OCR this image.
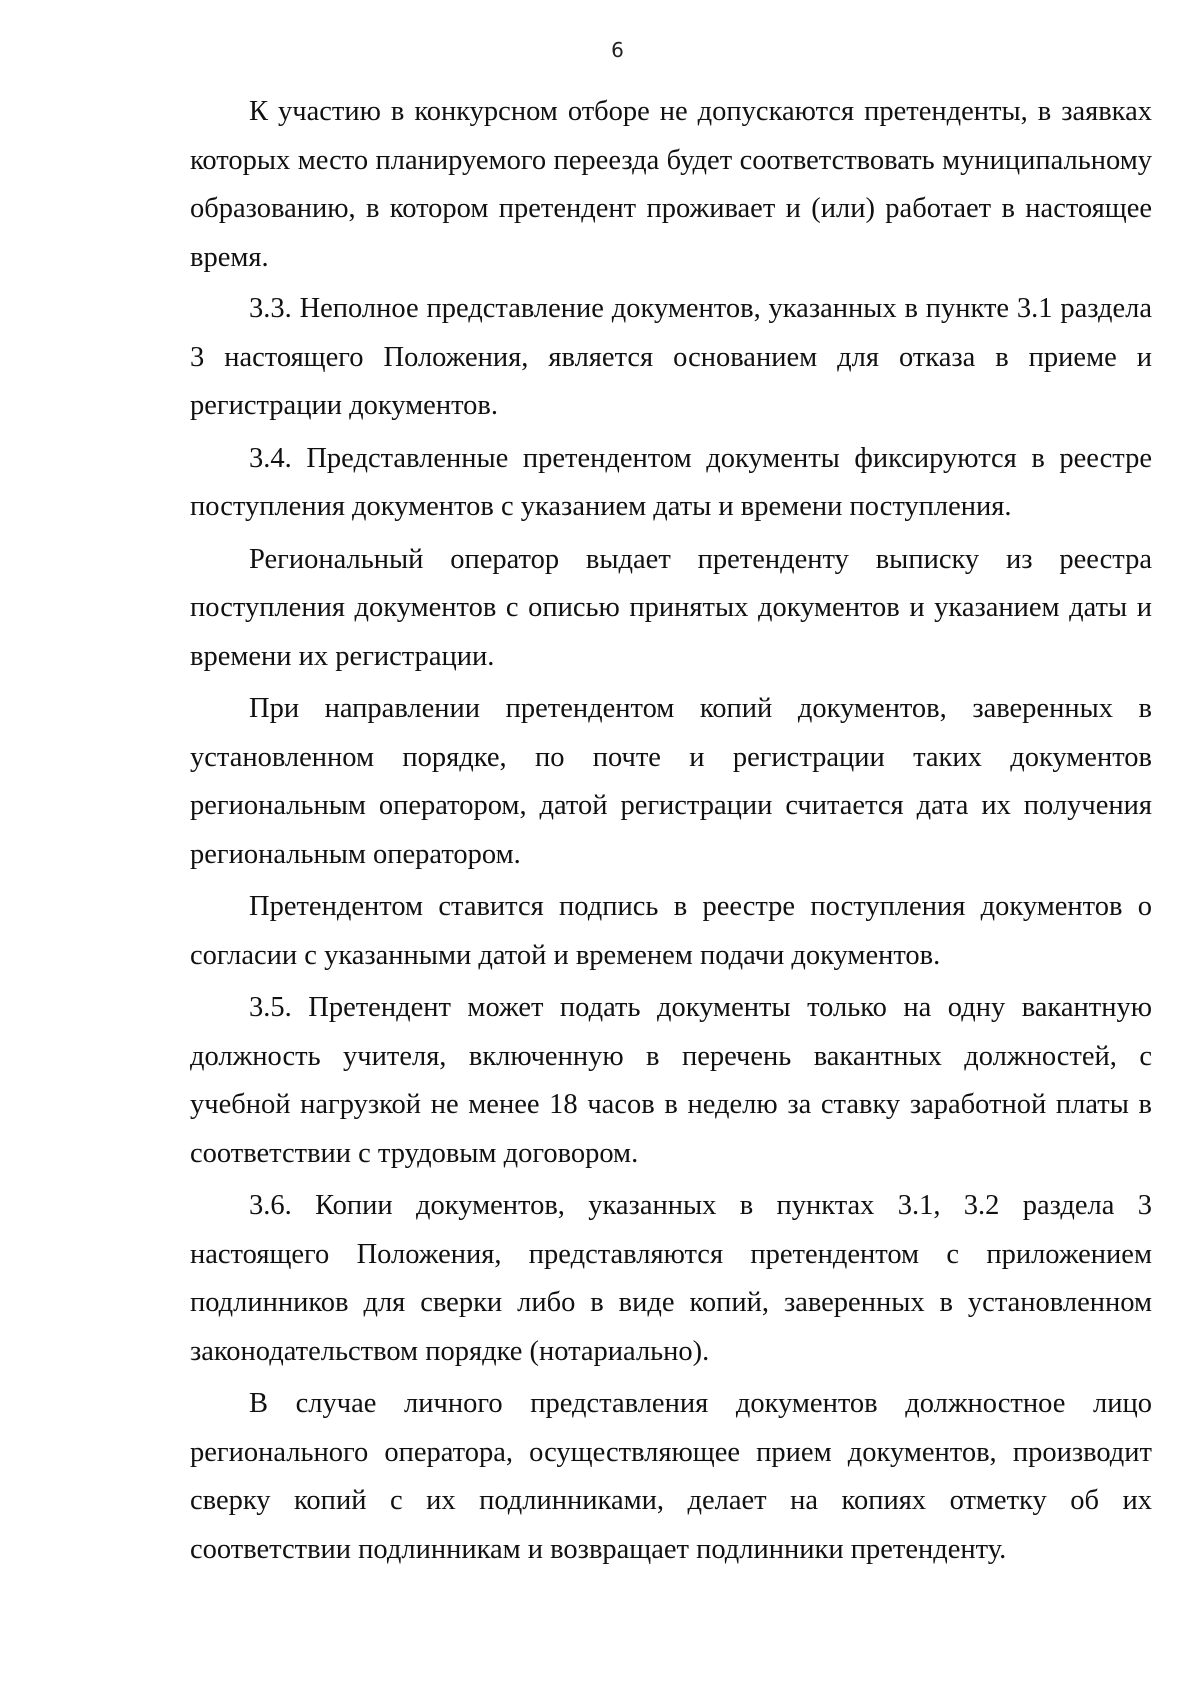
6

К участию в конкурсном отборе не допускаются претенденты, в заявках которых место планируемого переезда будет соответствовать муниципальному образованию, в котором претендент проживает и (или) работает в настоящее время.

3.3. Неполное представление документов, указанных в пункте 3.1 раздела 3 настоящего Положения, является основанием для отказа в приеме и регистрации документов.

3.4. Представленные претендентом документы фиксируются в реестре поступления документов с указанием даты и времени поступления.

Региональный оператор выдает претенденту выписку из реестра поступления документов с описью принятых документов и указанием даты и времени их регистрации.

При направлении претендентом копий документов, заверенных в установленном порядке, по почте и регистрации таких документов региональным оператором, датой регистрации считается дата их получения региональным оператором.

Претендентом ставится подпись в реестре поступления документов о согласии с указанными датой и временем подачи документов.

3.5. Претендент может подать документы только на одну вакантную должность учителя, включенную в перечень вакантных должностей, с учебной нагрузкой не менее 18 часов в неделю за ставку заработной платы в соответствии с трудовым договором.

3.6. Копии документов, указанных в пунктах 3.1, 3.2 раздела 3 настоящего Положения, представляются претендентом с приложением подлинников для сверки либо в виде копий, заверенных в установленном законодательством порядке (нотариально).

В случае личного представления документов должностное лицо регионального оператора, осуществляющее прием документов, производит сверку копий с их подлинниками, делает на копиях отметку об их соответствии подлинникам и возвращает подлинники претенденту.
